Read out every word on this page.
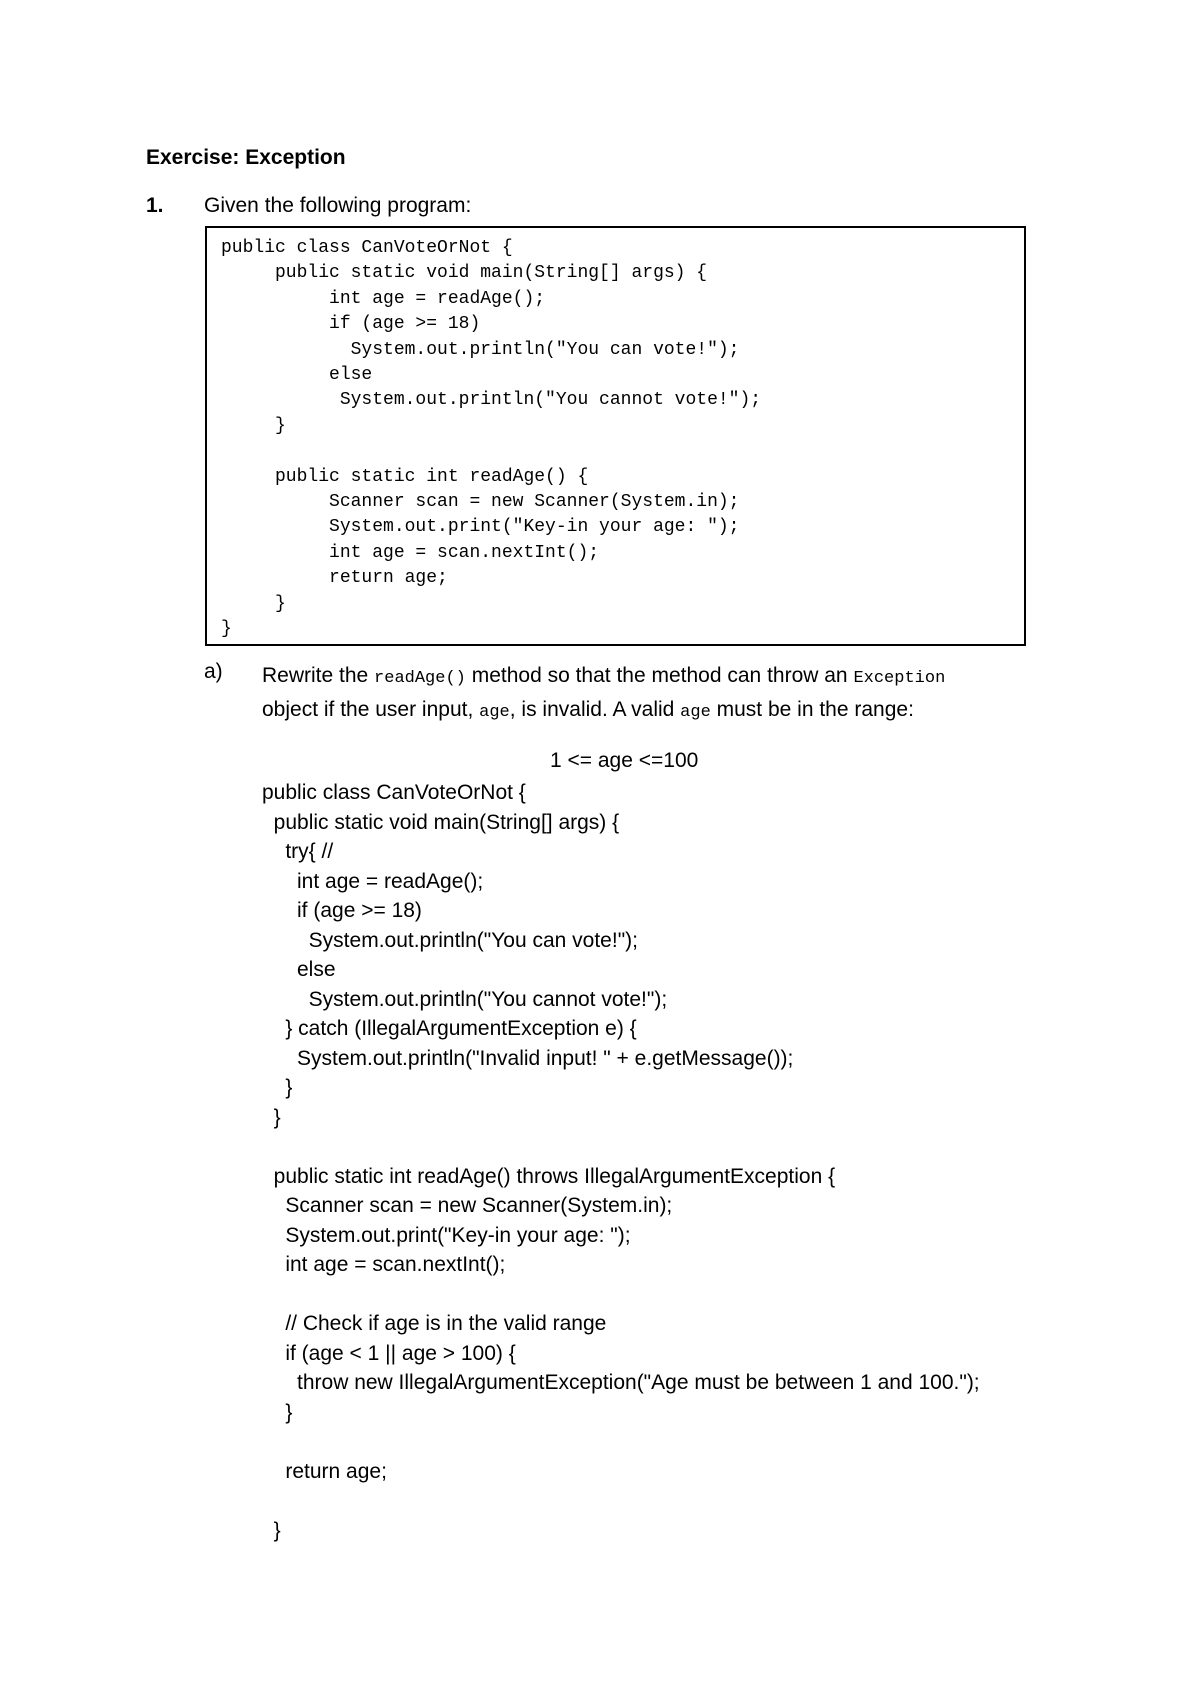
Exercise: Exception
1. Given the following program:
public class CanVoteOrNot {
public static void main(String[] args) {
int age = readAge();
if (age >= 18)
System.out.println("You can vote!");
else
System.out.println("You cannot vote!");
}

public static int readAge() {
Scanner scan = new Scanner(System.in);
System.out.print("Key-in your age: ");
int age = scan.nextInt();
return age;
}
}
a) Rewrite the readAge() method so that the method can throw an Exception
object if the user input, age, is invalid. A valid age must be in the range:
1 <= age <=100
public class CanVoteOrNot {
public static void main(String[] args) {
try{ //
int age = readAge();
if (age >= 18)
System.out.println("You can vote!");
else
System.out.println("You cannot vote!");
} catch (IllegalArgumentException e) {
System.out.println("Invalid input! " + e.getMessage());
}
}

public static int readAge() throws IllegalArgumentException {
Scanner scan = new Scanner(System.in);
System.out.print("Key-in your age: ");
int age = scan.nextInt();

// Check if age is in the valid range
if (age < 1 || age > 100) {
throw new IllegalArgumentException("Age must be between 1 and 100.");
}

return age;

}
